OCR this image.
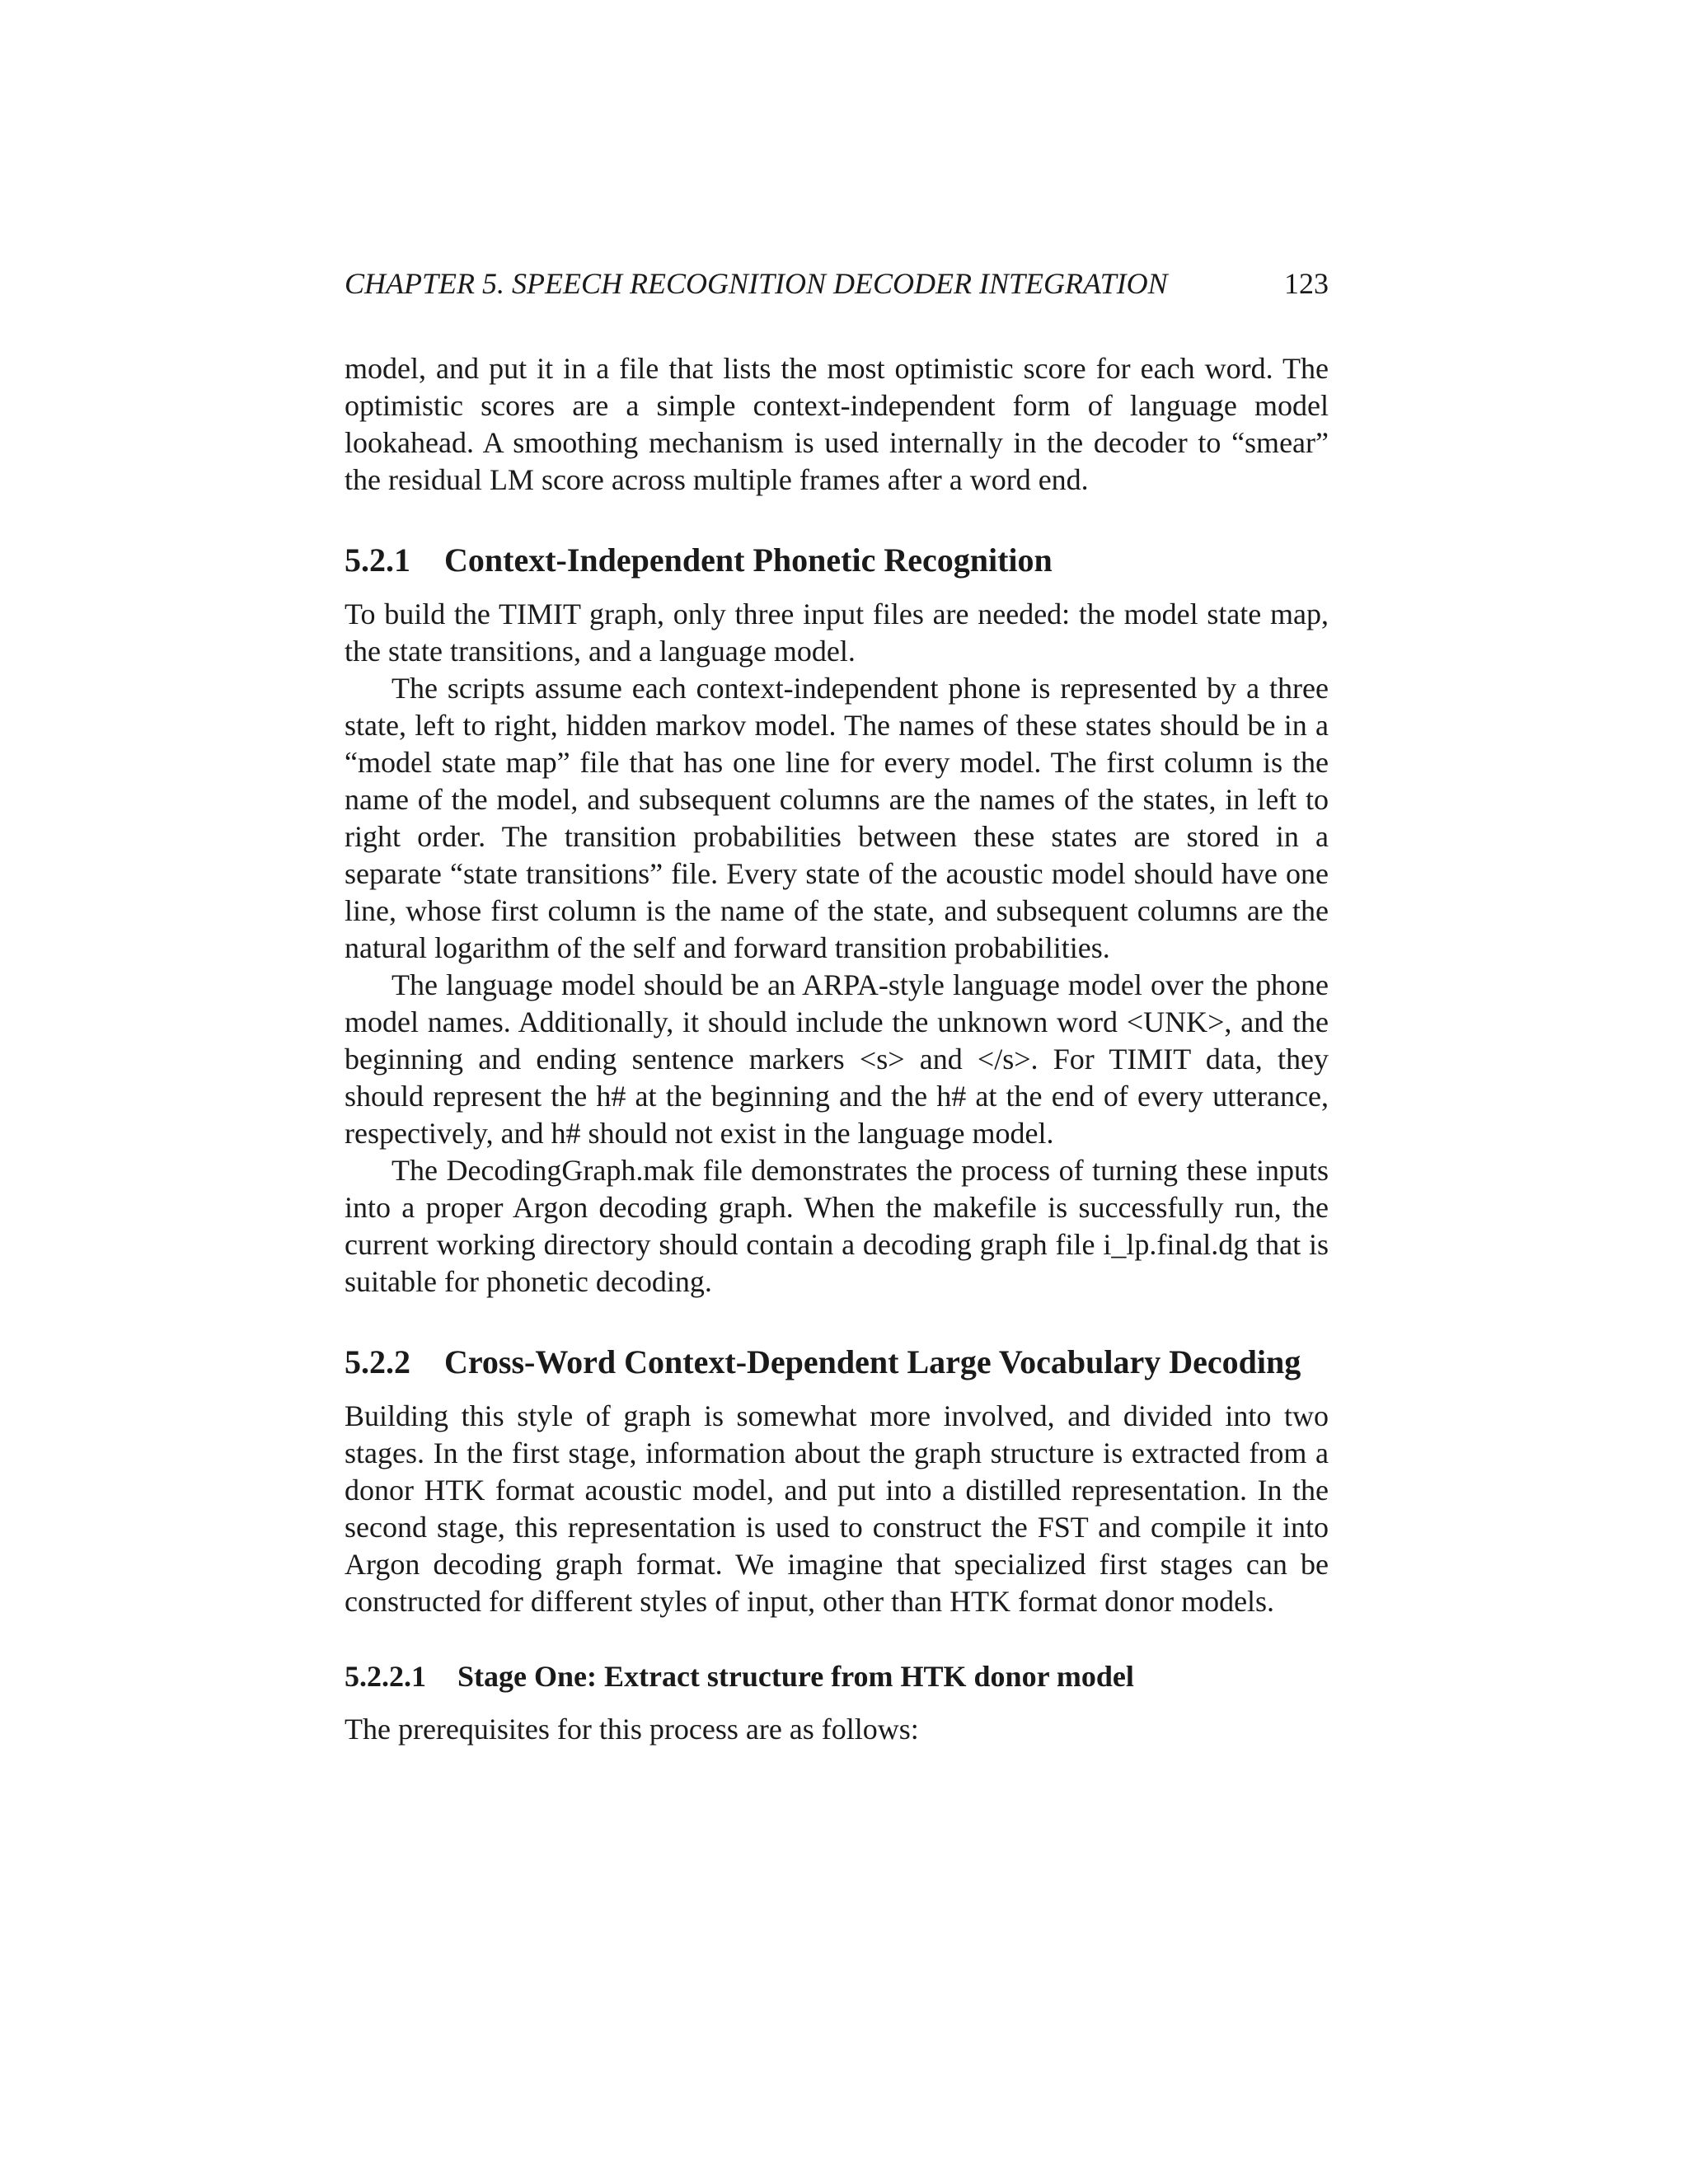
CHAPTER 5. SPEECH RECOGNITION DECODER INTEGRATION	123

model, and put it in a file that lists the most optimistic score for each word. The optimistic scores are a simple context-independent form of language model lookahead. A smoothing mechanism is used internally in the decoder to “smear” the residual LM score across multiple frames after a word end.

5.2.1 Context-Independent Phonetic Recognition

To build the TIMIT graph, only three input files are needed: the model state map, the state transitions, and a language model.

The scripts assume each context-independent phone is represented by a three state, left to right, hidden markov model. The names of these states should be in a “model state map” file that has one line for every model. The first column is the name of the model, and subsequent columns are the names of the states, in left to right order. The transition probabilities between these states are stored in a separate “state transitions” file. Every state of the acoustic model should have one line, whose first column is the name of the state, and subsequent columns are the natural logarithm of the self and forward transition probabilities.

The language model should be an ARPA-style language model over the phone model names. Additionally, it should include the unknown word <UNK>, and the beginning and ending sentence markers <s> and </s>. For TIMIT data, they should represent the h# at the beginning and the h# at the end of every utterance, respectively, and h# should not exist in the language model.

The DecodingGraph.mak file demonstrates the process of turning these inputs into a proper Argon decoding graph. When the makefile is successfully run, the current working directory should contain a decoding graph file i_lp.final.dg that is suitable for phonetic decoding.

5.2.2 Cross-Word Context-Dependent Large Vocabulary Decoding

Building this style of graph is somewhat more involved, and divided into two stages. In the first stage, information about the graph structure is extracted from a donor HTK format acoustic model, and put into a distilled representation. In the second stage, this representation is used to construct the FST and compile it into Argon decoding graph format. We imagine that specialized first stages can be constructed for different styles of input, other than HTK format donor models.

5.2.2.1 Stage One: Extract structure from HTK donor model

The prerequisites for this process are as follows:
